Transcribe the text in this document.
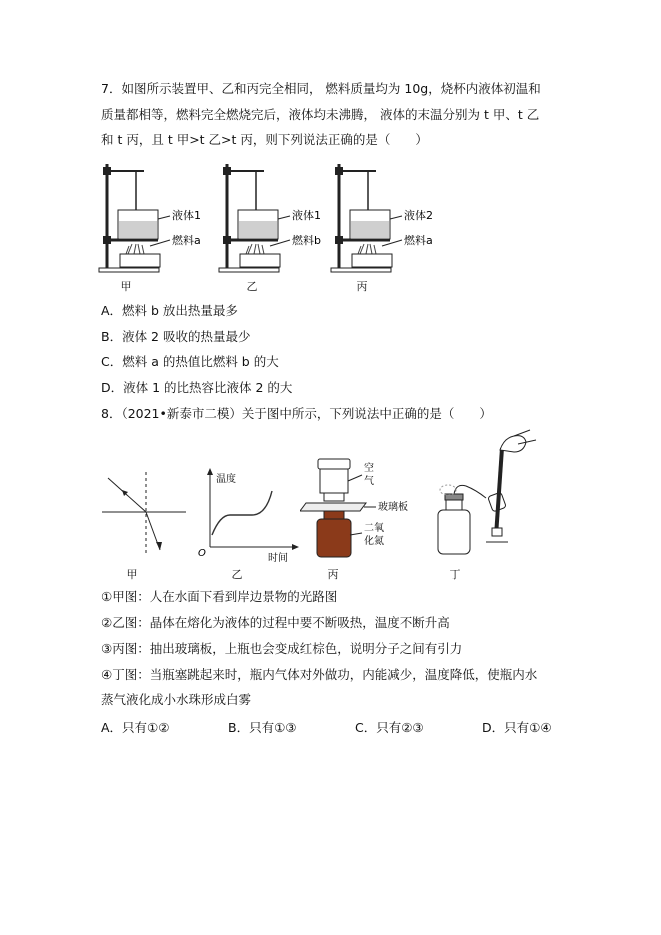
7．如图所示装置甲、乙和丙完全相同， 燃料质量均为 10g，烧杯内液体初温和
质量都相等，燃料完全燃烧完后，液体均未沸腾， 液体的末温分别为 t 甲、t 乙
和 t 丙，且 t 甲>t 乙>t 丙，则下列说法正确的是（　　）
液体1
燃料a
甲
液体1
燃料b
乙
液体2
燃料a
丙
A．燃料 b 放出热量最多
B．液体 2 吸收的热量最少
C．燃料 a 的热值比燃料 b 的大
D．液体 1 的比热容比液体 2 的大
8．（2021•新泰市二模）关于图中所示，下列说法中正确的是（　　）
甲
温度
时间
O
乙
空气
玻璃板
二氧化氮
丙	丁
①甲图：人在水面下看到岸边景物的光路图
②乙图：晶体在熔化为液体的过程中要不断吸热，温度不断升高
③丙图：抽出玻璃板，上瓶也会变成红棕色，说明分子之间有引力
④丁图：当瓶塞跳起来时，瓶内气体对外做功，内能减少，温度降低，使瓶内水
蒸气液化成小水珠形成白雾
A．只有①②	B．只有①③	C．只有②③	D．只有①④
